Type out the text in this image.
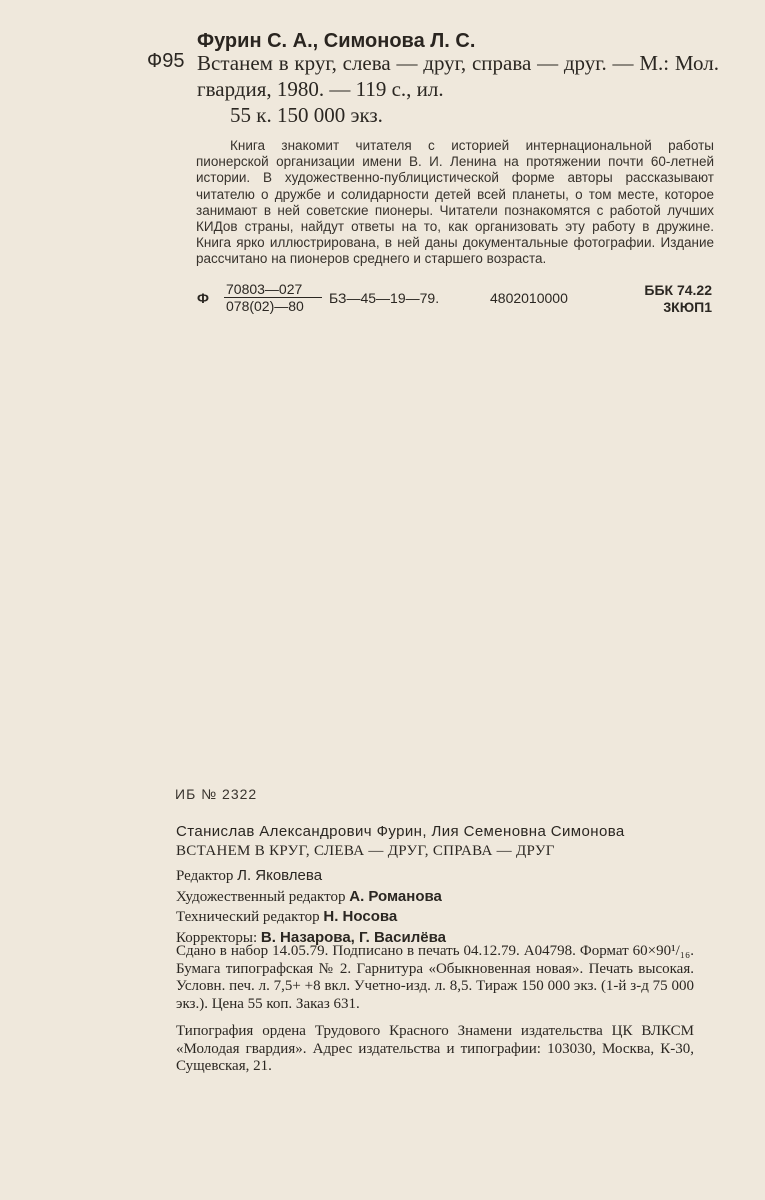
Фурин С. А., Симонова Л. С.
Ф95 Встанем в круг, слева — друг, справа — друг. — М.: Мол. гвардия, 1980. — 119 с., ил.
55 к. 150 000 экз.
Книга знакомит читателя с историей интернациональной работы пионерской организации имени В. И. Ленина на протяжении почти 60-летней истории. В художественно-публицистической форме авторы рассказывают читателю о дружбе и солидарности детей всей планеты, о том месте, которое занимают в ней советские пионеры. Читатели познакомятся с работой лучших КИДов страны, найдут ответы на то, как организовать эту работу в дружине. Книга ярко иллюстрирована, в ней даны документальные фотографии. Издание рассчитано на пионеров среднего и старшего возраста.
Ф
70803—027
078(02)—80 БЗ—45—19—79.	4802010000	ББК 74.22
3КЮП1
ИБ № 2322
Станислав Александрович Фурин, Лия Семеновна Симонова
ВСТАНЕМ В КРУГ, СЛЕВА — ДРУГ, СПРАВА — ДРУГ
Редактор Л. Яковлева
Художественный редактор А. Романова
Технический редактор Н. Носова
Корректоры: В. Назарова, Г. Василёва
Сдано в набор 14.05.79. Подписано в печать 04.12.79. А04798. Формат 60×90¹/₁₆. Бумага типографская № 2. Гарнитура «Обыкновенная новая». Печать высокая. Условн. печ. л. 7,5+ +8 вкл. Учетно-изд. л. 8,5. Тираж 150 000 экз. (1-й з-д 75 000 экз.). Цена 55 коп. Заказ 631.
Типография ордена Трудового Красного Знамени издательства ЦК ВЛКСМ «Молодая гвардия». Адрес издательства и типографии: 103030, Москва, К-30, Сущевская, 21.
